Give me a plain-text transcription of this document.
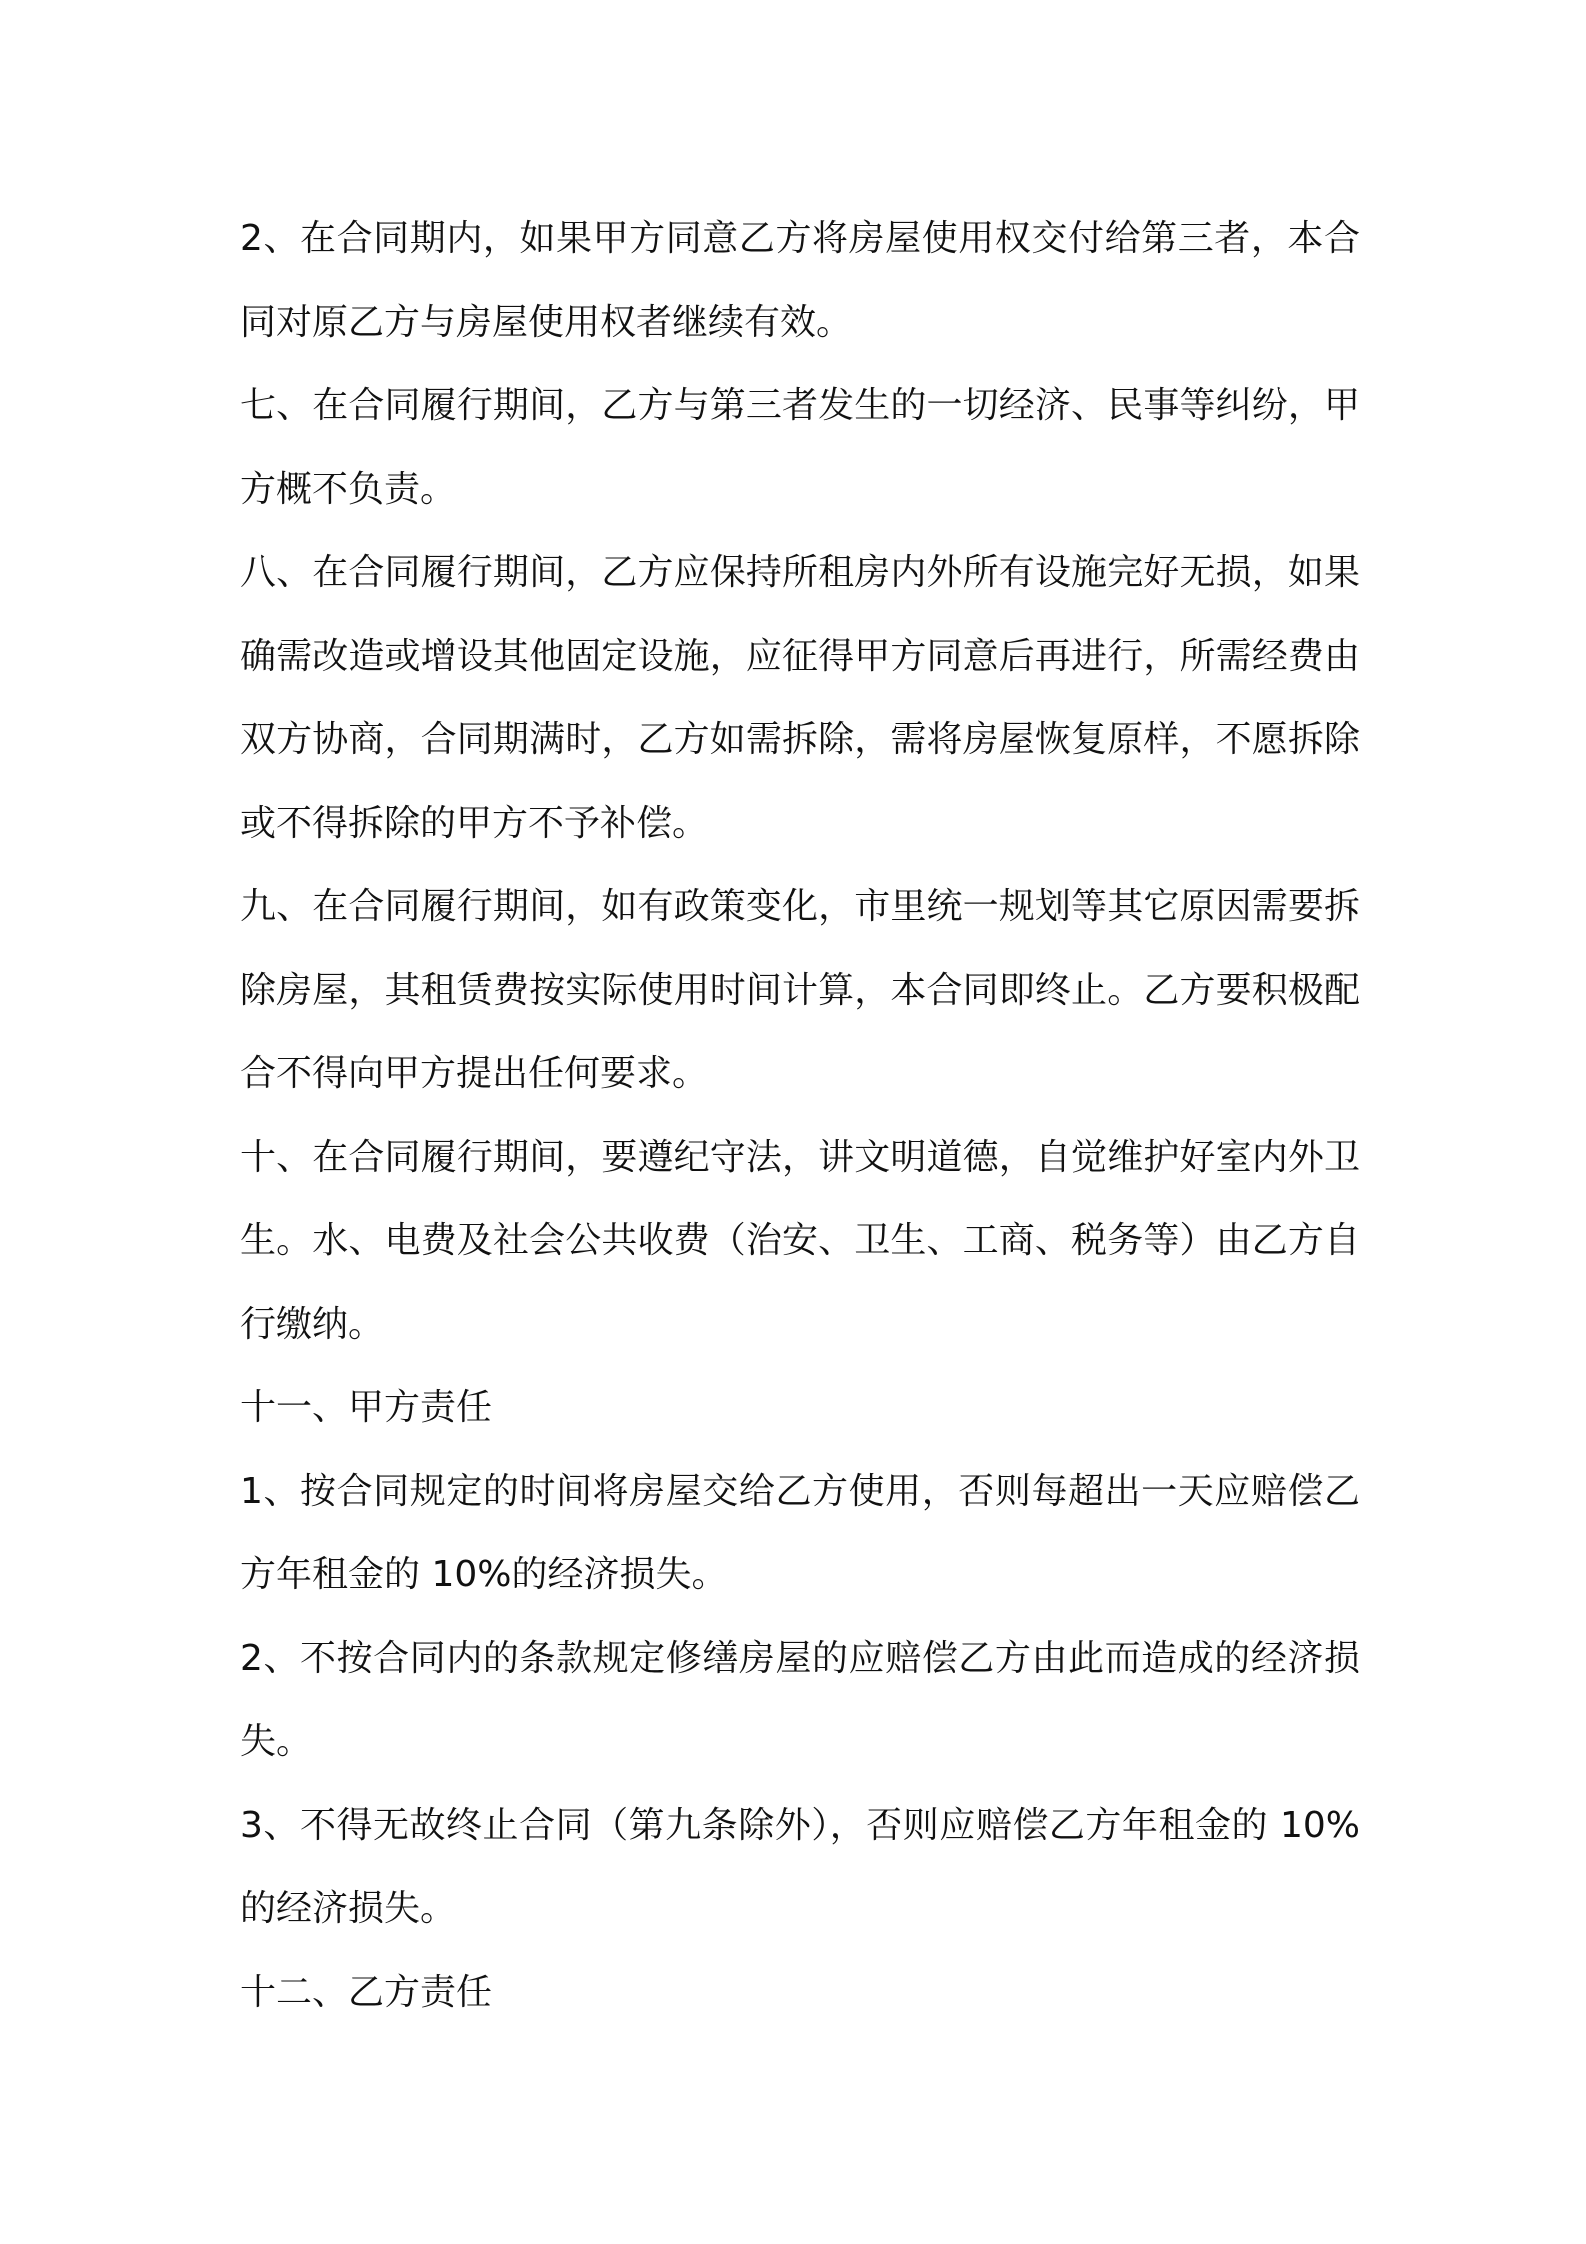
2、在合同期内，如果甲方同意乙方将房屋使用权交付给第三者，本合同对原乙方与房屋使用权者继续有效。

七、在合同履行期间，乙方与第三者发生的一切经济、民事等纠纷，甲方概不负责。

八、在合同履行期间，乙方应保持所租房内外所有设施完好无损，如果确需改造或增设其他固定设施，应征得甲方同意后再进行，所需经费由双方协商，合同期满时，乙方如需拆除，需将房屋恢复原样，不愿拆除或不得拆除的甲方不予补偿。

九、在合同履行期间，如有政策变化，市里统一规划等其它原因需要拆除房屋，其租赁费按实际使用时间计算，本合同即终止。乙方要积极配合不得向甲方提出任何要求。

十、在合同履行期间，要遵纪守法，讲文明道德，自觉维护好室内外卫生。水、电费及社会公共收费（治安、卫生、工商、税务等）由乙方自行缴纳。

十一、甲方责任

1、按合同规定的时间将房屋交给乙方使用，否则每超出一天应赔偿乙方年租金的 10%的经济损失。

2、不按合同内的条款规定修缮房屋的应赔偿乙方由此而造成的经济损失。

3、不得无故终止合同（第九条除外），否则应赔偿乙方年租金的 10%的经济损失。

十二、乙方责任
